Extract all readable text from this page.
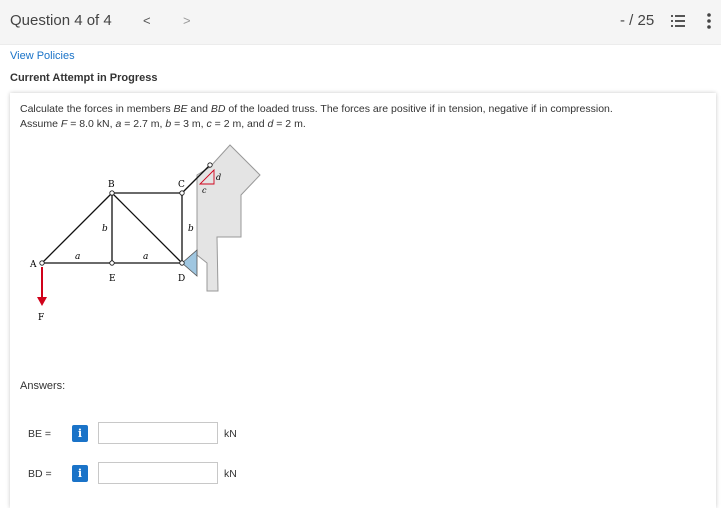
Question 4 of 4 < >	- / 25
View Policies
Current Attempt in Progress
Calculate the forces in members BE and BD of the loaded truss. The forces are positive if in tension, negative if in compression.
Assume F = 8.0 kN, a = 2.7 m, b = 3 m, c = 2 m, and d = 2 m.
A
B	C
D
E
F
a	a
b	b
c
d
Answers:
BE =	i	kN
BD =	i	kN
